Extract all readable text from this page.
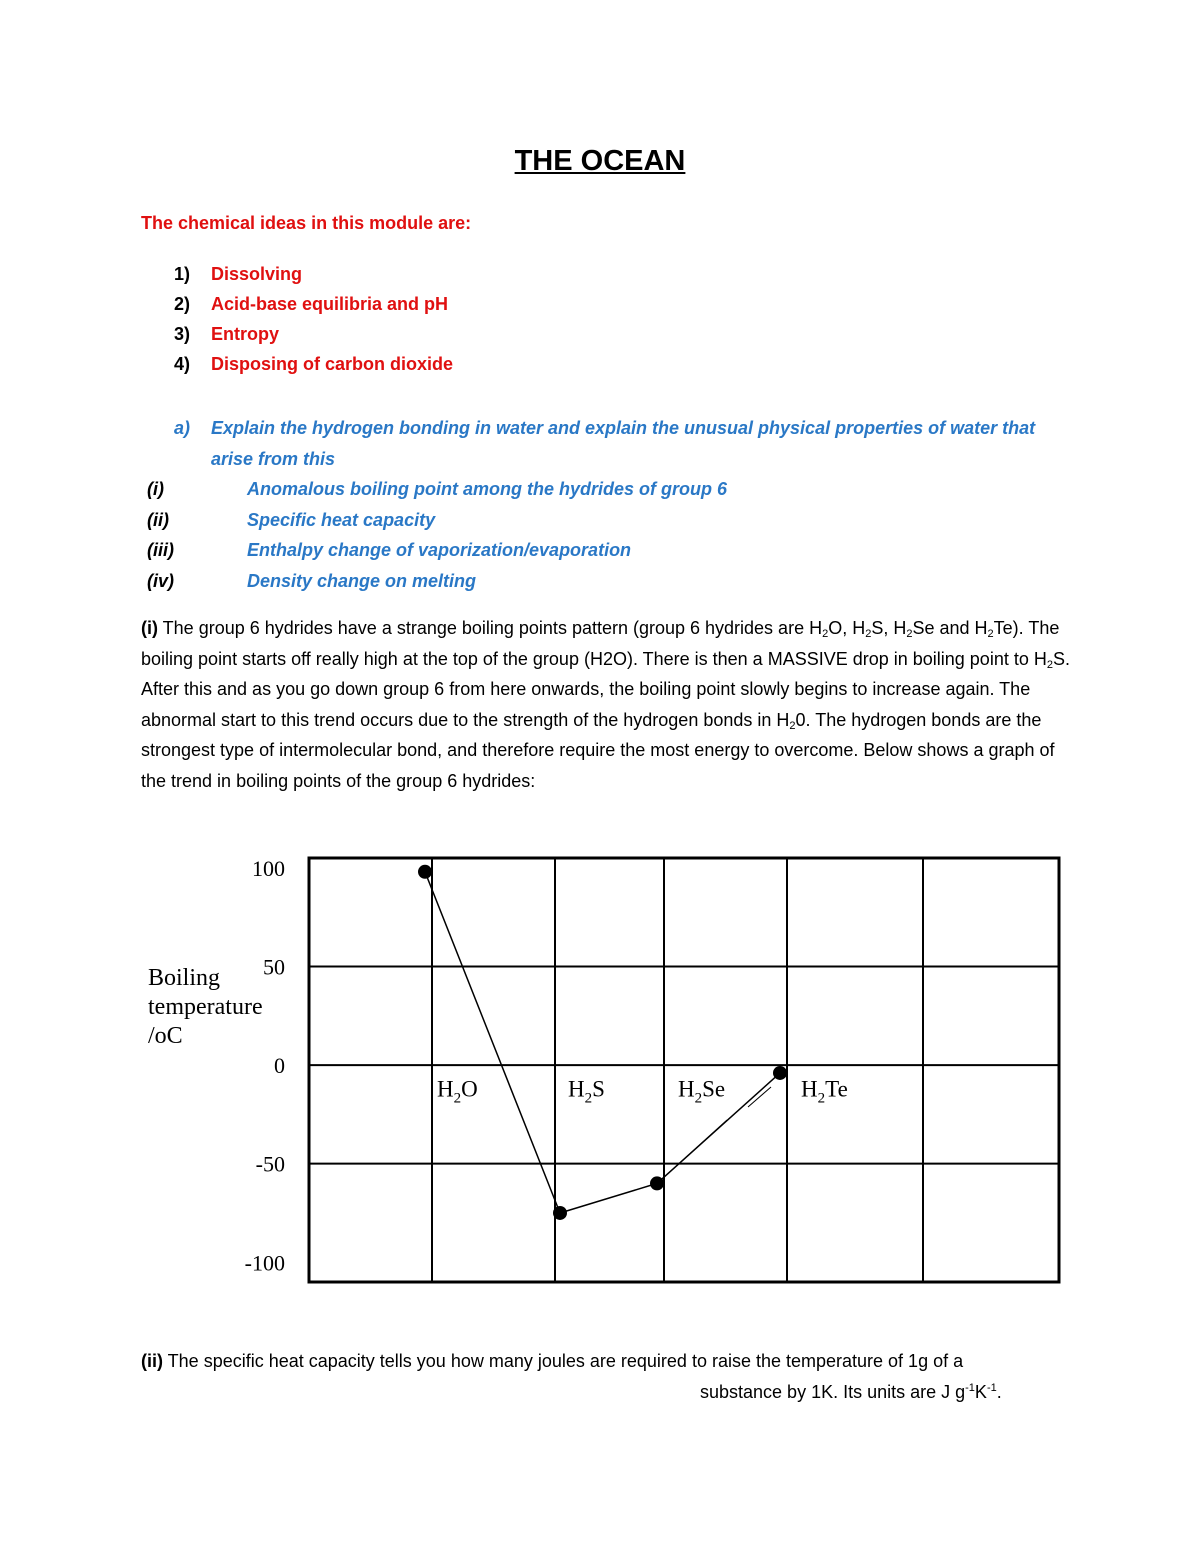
THE OCEAN
The chemical ideas in this module are:
1) Dissolving
2) Acid-base equilibria and pH
3) Entropy
4) Disposing of carbon dioxide
a)	Explain the hydrogen bonding in water and explain the unusual physical properties of water that arise from this
(i)	Anomalous boiling point among the hydrides of group 6
(ii)	Specific heat capacity
(iii)	Enthalpy change of vaporization/evaporation
(iv)	Density change on melting
(i) The group 6 hydrides have a strange boiling points pattern (group 6 hydrides are $H_2O$, $H_2S$, $H_2Se$ and $H_2Te$). The boiling point starts off really high at the top of the group (H2O). There is then a MASSIVE drop in boiling point to $H_2S$. After this and as you go down group 6 from here onwards, the boiling point slowly begins to increase again. The abnormal start to this trend occurs due to the strength of the hydrogen bonds in $H_20$. The hydrogen bonds are the strongest type of intermolecular bond, and therefore require the most energy to overcome. Below shows a graph of the trend in boiling points of the group 6 hydrides:
100
50
0
-50
-100
Boiling
temperature
/oC
$H_2O$	$H_2S$	$H_2Se$	$H_2Te$
(ii) The specific heat capacity tells you how many joules are required to raise the temperature of 1g of a
substance by 1K. Its units are J $g^{-1}K^{-1}$.
